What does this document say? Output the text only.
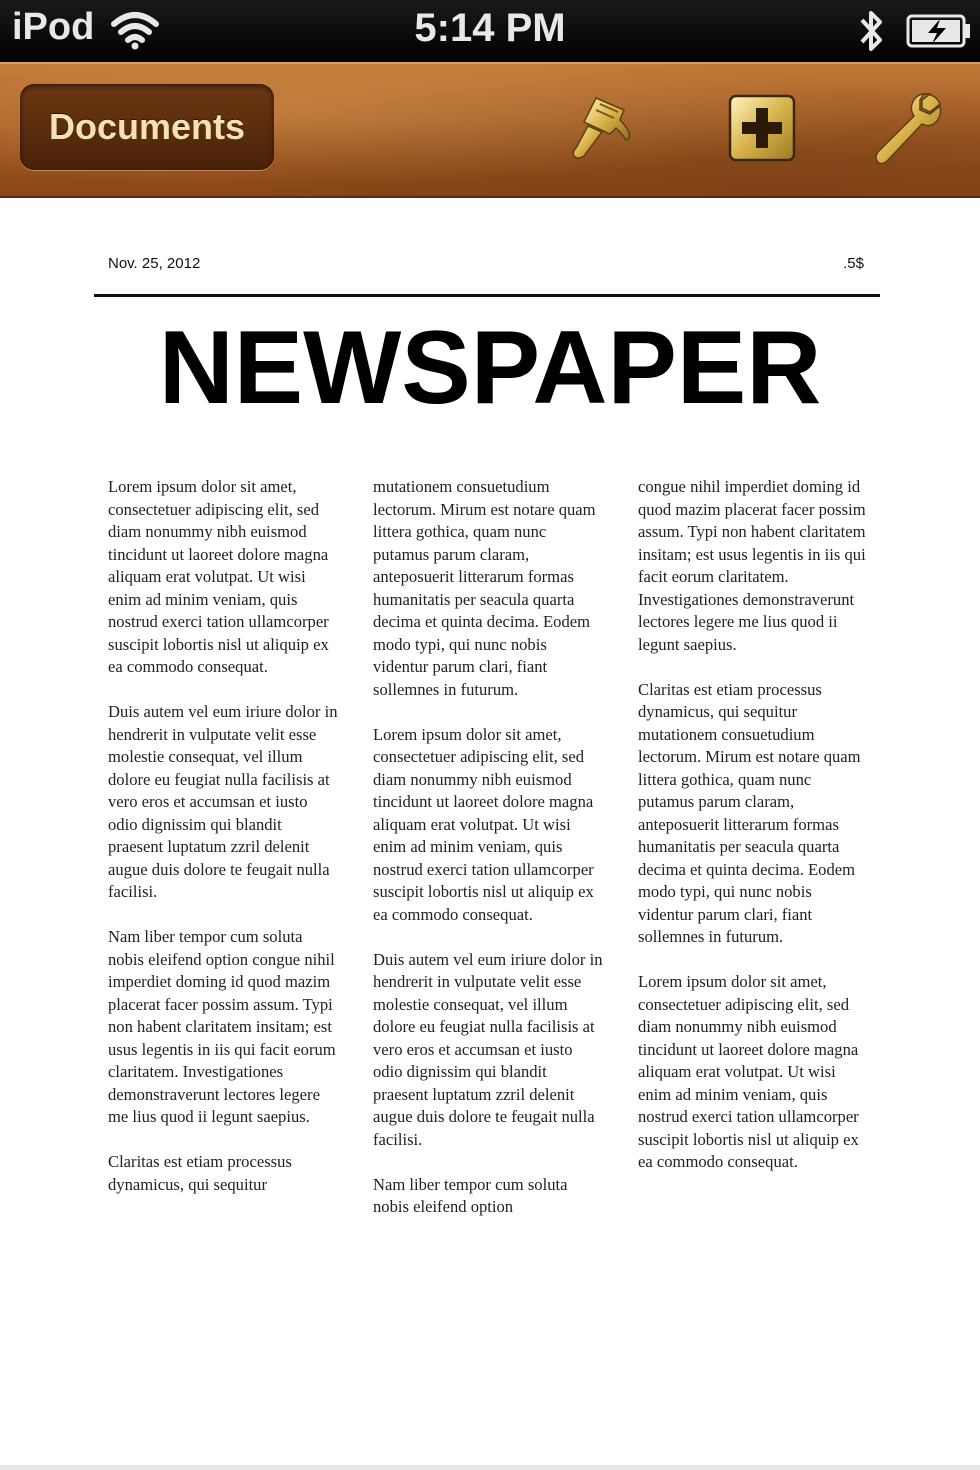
iPod	5:14 PM
Documents
Nov. 25, 2012	.5$
NEWSPAPER

Lorem ipsum dolor sit amet, consectetuer adipiscing elit, sed diam nonummy nibh euismod tincidunt ut laoreet dolore magna aliquam erat volutpat. Ut wisi enim ad minim veniam, quis nostrud exerci tation ullamcorper suscipit lobortis nisl ut aliquip ex ea commodo consequat.

Duis autem vel eum iriure dolor in hendrerit in vulputate velit esse molestie consequat, vel illum dolore eu feugiat nulla facilisis at vero eros et accumsan et iusto odio dignissim qui blandit praesent luptatum zzril delenit augue duis dolore te feugait nulla facilisi.

Nam liber tempor cum soluta nobis eleifend option congue nihil imperdiet doming id quod mazim placerat facer possim assum. Typi non habent claritatem insitam; est usus legentis in iis qui facit eorum claritatem. Investigationes demonstraverunt lectores legere me lius quod ii legunt saepius.

Claritas est etiam processus dynamicus, qui sequitur

mutationem consuetudium lectorum. Mirum est notare quam littera gothica, quam nunc putamus parum claram, anteposuerit litterarum formas humanitatis per seacula quarta decima et quinta decima. Eodem modo typi, qui nunc nobis videntur parum clari, fiant sollemnes in futurum.

Lorem ipsum dolor sit amet, consectetuer adipiscing elit, sed diam nonummy nibh euismod tincidunt ut laoreet dolore magna aliquam erat volutpat. Ut wisi enim ad minim veniam, quis nostrud exerci tation ullamcorper suscipit lobortis nisl ut aliquip ex ea commodo consequat.

Duis autem vel eum iriure dolor in hendrerit in vulputate velit esse molestie consequat, vel illum dolore eu feugiat nulla facilisis at vero eros et accumsan et iusto odio dignissim qui blandit praesent luptatum zzril delenit augue duis dolore te feugait nulla facilisi.

Nam liber tempor cum soluta nobis eleifend option

congue nihil imperdiet doming id quod mazim placerat facer possim assum. Typi non habent claritatem insitam; est usus legentis in iis qui facit eorum claritatem. Investigationes demonstraverunt lectores legere me lius quod ii legunt saepius.

Claritas est etiam processus dynamicus, qui sequitur mutationem consuetudium lectorum. Mirum est notare quam littera gothica, quam nunc putamus parum claram, anteposuerit litterarum formas humanitatis per seacula quarta decima et quinta decima. Eodem modo typi, qui nunc nobis videntur parum clari, fiant sollemnes in futurum.

Lorem ipsum dolor sit amet, consectetuer adipiscing elit, sed diam nonummy nibh euismod tincidunt ut laoreet dolore magna aliquam erat volutpat. Ut wisi enim ad minim veniam, quis nostrud exerci tation ullamcorper suscipit lobortis nisl ut aliquip ex ea commodo consequat.
